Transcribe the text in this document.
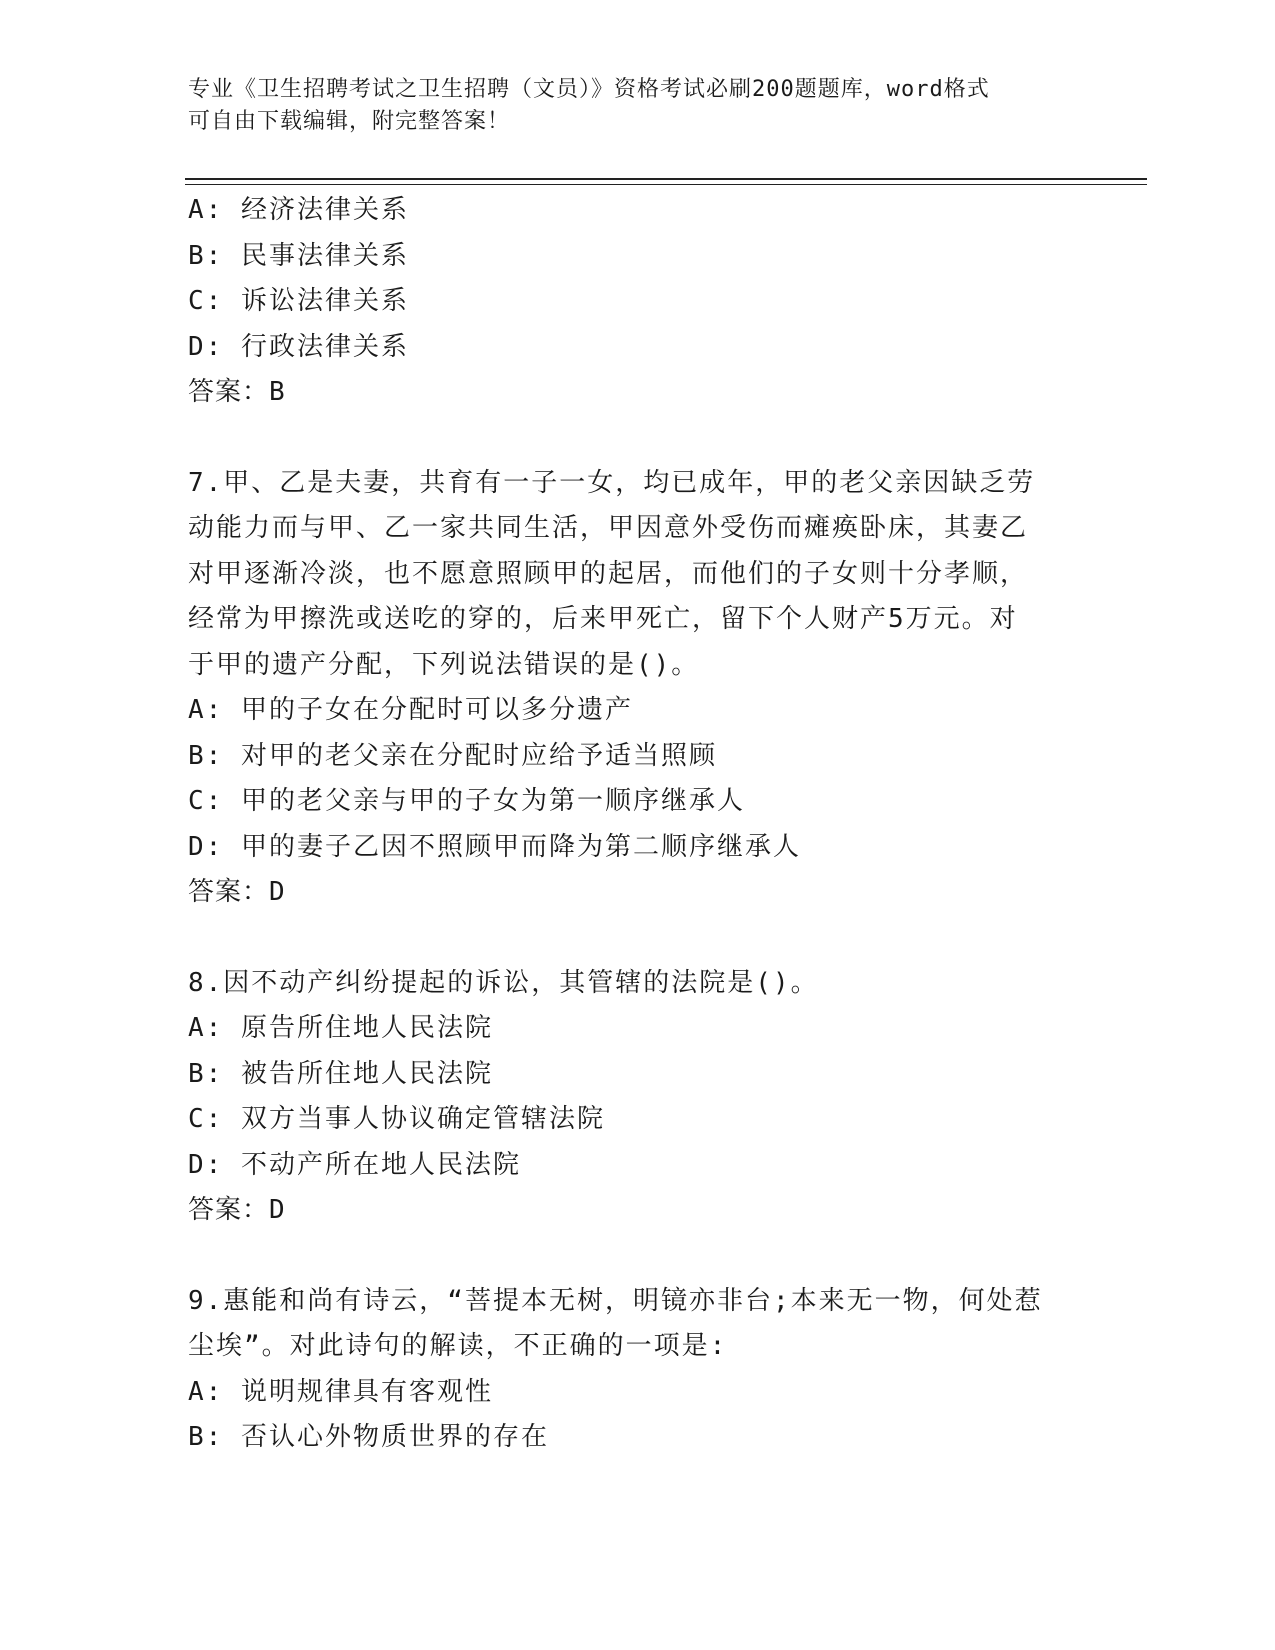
专业《卫生招聘考试之卫生招聘（文员）》资格考试必刷200题题库，word格式
可自由下载编辑，附完整答案！
A: 经济法律关系
B: 民事法律关系
C: 诉讼法律关系
D: 行政法律关系
答案：B
7.甲、乙是夫妻，共育有一子一女，均已成年，甲的老父亲因缺乏劳
动能力而与甲、乙一家共同生活，甲因意外受伤而瘫痪卧床，其妻乙
对甲逐渐冷淡，也不愿意照顾甲的起居，而他们的子女则十分孝顺，
经常为甲擦洗或送吃的穿的，后来甲死亡，留下个人财产5万元。对
于甲的遗产分配，下列说法错误的是()。
A: 甲的子女在分配时可以多分遗产
B: 对甲的老父亲在分配时应给予适当照顾
C: 甲的老父亲与甲的子女为第一顺序继承人
D: 甲的妻子乙因不照顾甲而降为第二顺序继承人
答案：D
8.因不动产纠纷提起的诉讼，其管辖的法院是()。
A: 原告所住地人民法院
B: 被告所住地人民法院
C: 双方当事人协议确定管辖法院
D: 不动产所在地人民法院
答案：D
9.惠能和尚有诗云，“菩提本无树，明镜亦非台;本来无一物，何处惹
尘埃”。对此诗句的解读，不正确的一项是:
A: 说明规律具有客观性
B: 否认心外物质世界的存在
